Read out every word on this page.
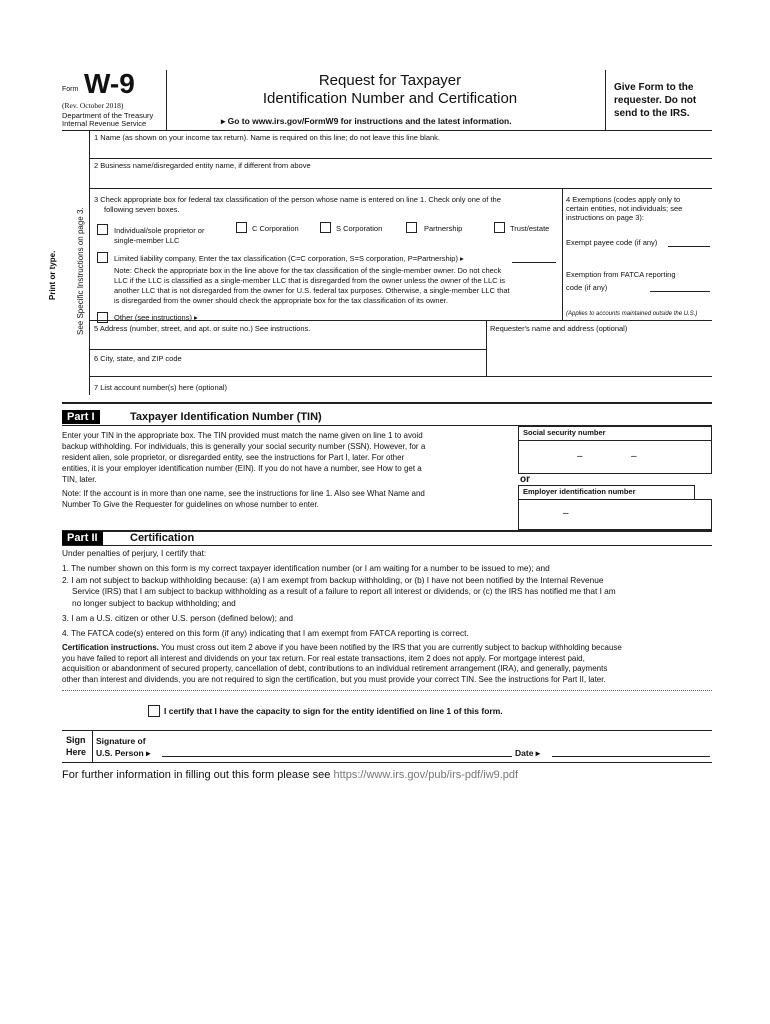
Form W-9
(Rev. October 2018)
Department of the Treasury
Internal Revenue Service
Request for Taxpayer
Identification Number and Certification
▸ Go to www.irs.gov/FormW9 for instructions and the latest information.
Give Form to the
requester. Do not
send to the IRS.
Print or type.	See Specific Instructions on page 3.
1 Name (as shown on your income tax return). Name is required on this line; do not leave this line blank.
2 Business name/disregarded entity name, if different from above
3 Check appropriate box for federal tax classification of the person whose name is entered on line 1. Check only one of the
following seven boxes.
Individual/sole proprietor or
single-member LLC
C Corporation	S Corporation	Partnership	Trust/estate
Limited liability company. Enter the tax classification (C=C corporation, S=S corporation, P=Partnership) ▸
Note: Check the appropriate box in the line above for the tax classification of the single-member owner. Do not check
LLC if the LLC is classified as a single-member LLC that is disregarded from the owner unless the owner of the LLC is
another LLC that is not disregarded from the owner for U.S. federal tax purposes. Otherwise, a single-member LLC that
is disregarded from the owner should check the appropriate box for the tax classification of its owner.
Other (see instructions) ▸
4 Exemptions (codes apply only to
certain entities, not individuals; see
instructions on page 3):
Exempt payee code (if any)
Exemption from FATCA reporting
code (if any)
(Applies to accounts maintained outside the U.S.)
5 Address (number, street, and apt. or suite no.) See instructions.	Requester's name and address (optional)
6 City, state, and ZIP code
7 List account number(s) here (optional)
Part I	Taxpayer Identification Number (TIN)
Enter your TIN in the appropriate box. The TIN provided must match the name given on line 1 to avoid
backup withholding. For individuals, this is generally your social security number (SSN). However, for a
resident alien, sole proprietor, or disregarded entity, see the instructions for Part I, later. For other
entities, it is your employer identification number (EIN). If you do not have a number, see How to get a
TIN, later.
Note: If the account is in more than one name, see the instructions for line 1. Also see What Name and
Number To Give the Requester for guidelines on whose number to enter.
Social security number
–	–
or
Employer identification number
–
Part II	Certification
Under penalties of perjury, I certify that:
1. The number shown on this form is my correct taxpayer identification number (or I am waiting for a number to be issued to me); and
2. I am not subject to backup withholding because: (a) I am exempt from backup withholding, or (b) I have not been notified by the Internal Revenue
Service (IRS) that I am subject to backup withholding as a result of a failure to report all interest or dividends, or (c) the IRS has notified me that I am
no longer subject to backup withholding; and
3. I am a U.S. citizen or other U.S. person (defined below); and
4. The FATCA code(s) entered on this form (if any) indicating that I am exempt from FATCA reporting is correct.
Certification instructions. You must cross out item 2 above if you have been notified by the IRS that you are currently subject to backup withholding because
you have failed to report all interest and dividends on your tax return. For real estate transactions, item 2 does not apply. For mortgage interest paid,
acquisition or abandonment of secured property, cancellation of debt, contributions to an individual retirement arrangement (IRA), and generally, payments
other than interest and dividends, you are not required to sign the certification, but you must provide your correct TIN. See the instructions for Part II, later.
I certify that I have the capacity to sign for the entity identified on line 1 of this form.
Sign
Here
Signature of
U.S. Person ▸	Date ▸
For further information in filling out this form please see https://www.irs.gov/pub/irs-pdf/iw9.pdf
